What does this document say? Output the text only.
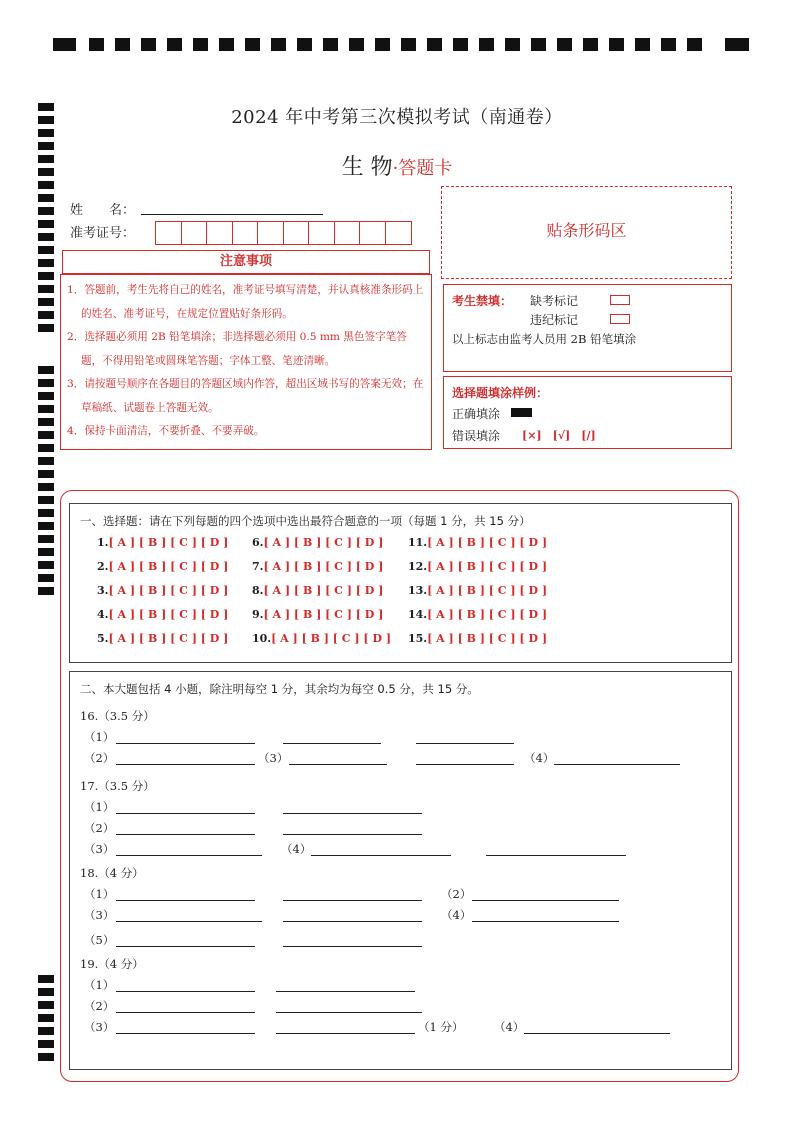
2024 年中考第三次模拟考试（南通卷）
生 物·答题卡
姓　　名：
准考证号：
注意事项

1．答题前，考生先将自己的姓名，准考证号填写清楚，并认真核准条形码上的姓名、准考证号，在规定位置贴好条形码。

2．选择题必须用 2B 铅笔填涂；非选择题必须用 0.5 mm 黑色签字笔答题，不得用铅笔或圆珠笔答题；字体工整、笔迹清晰。

3．请按题号顺序在各题目的答题区域内作答，超出区域书写的答案无效；在草稿纸、试题卷上答题无效。

4．保持卡面清洁，不要折叠、不要弄破。

贴条形码区
考生禁填： 缺考标记
违纪标记
以上标志由监考人员用 2B 铅笔填涂
选择题填涂样例：
正确填涂
错误填涂 [×]　[√]　[/]
一、选择题：请在下列每题的四个选项中选出最符合题意的一项（每题 1 分，共 15 分）
1.[ A ] [ B ] [ C ] [ D ]
2.[ A ] [ B ] [ C ] [ D ]
3.[ A ] [ B ] [ C ] [ D ]
4.[ A ] [ B ] [ C ] [ D ]
5.[ A ] [ B ] [ C ] [ D ]
6.[ A ] [ B ] [ C ] [ D ]
7.[ A ] [ B ] [ C ] [ D ]
8.[ A ] [ B ] [ C ] [ D ]
9.[ A ] [ B ] [ C ] [ D ]
10.[ A ] [ B ] [ C ] [ D ]
11.[ A ] [ B ] [ C ] [ D ]
12.[ A ] [ B ] [ C ] [ D ]
13.[ A ] [ B ] [ C ] [ D ]
14.[ A ] [ B ] [ C ] [ D ]
15.[ A ] [ B ] [ C ] [ D ]
二、本大题包括 4 小题，除注明每空 1 分，其余均为每空 0.5 分，共 15 分。
16.（3.5 分）
（1）
（2）	（3）	（4）
17.（3.5 分）
（1）
（2）
（3）	（4）
18.（4 分）
（1）	（2）
（3）	（4）
（5）
19.（4 分）
（1）
（2）
（3）	（1 分）	（4）
